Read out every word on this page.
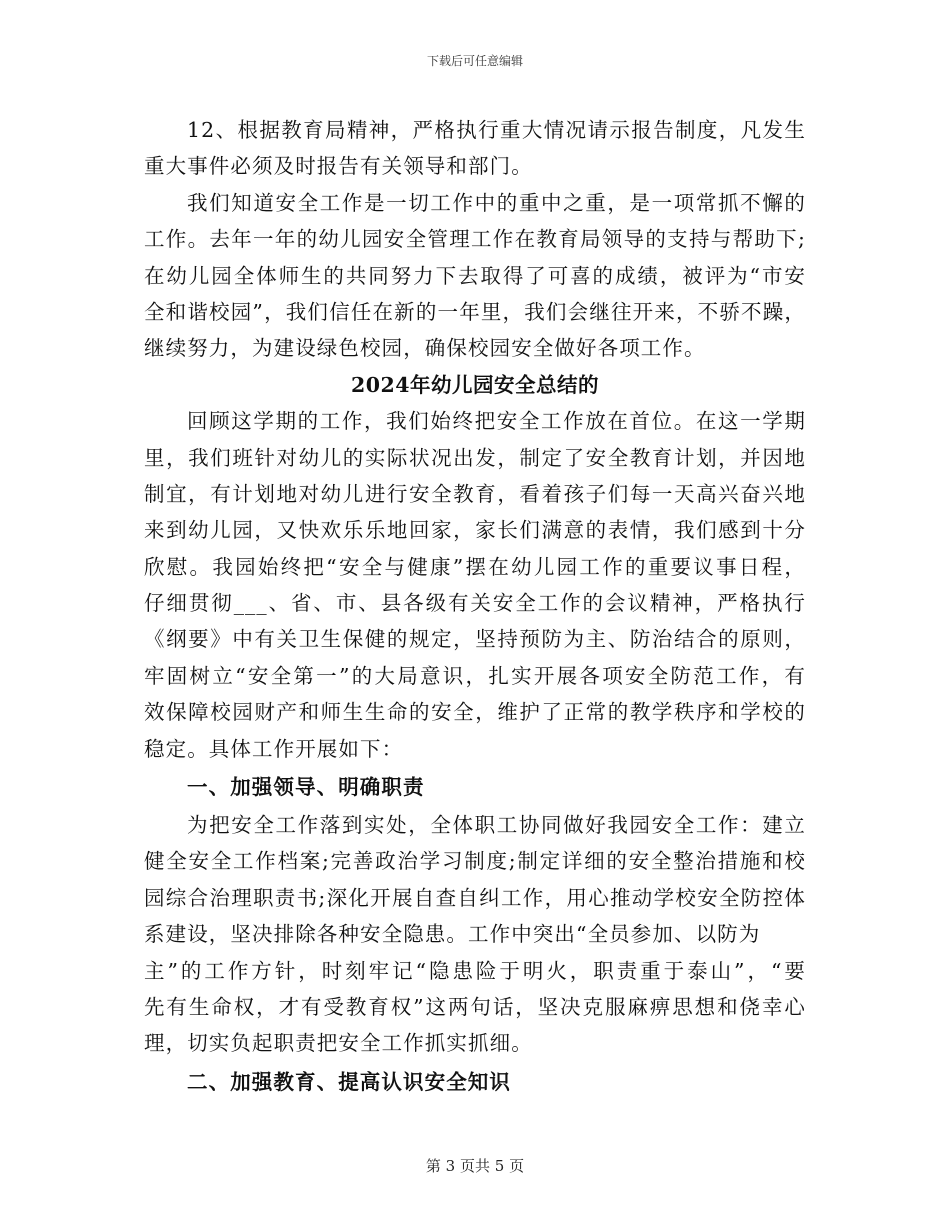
下载后可任意编辑
12、根据教育局精神，严格执行重大情况请示报告制度，凡发生
重大事件必须及时报告有关领导和部门。
我们知道安全工作是一切工作中的重中之重，是一项常抓不懈的
工作。去年一年的幼儿园安全管理工作在教育局领导的支持与帮助下;
在幼儿园全体师生的共同努力下去取得了可喜的成绩，被评为“市安
全和谐校园”，我们信任在新的一年里，我们会继往开来，不骄不躁，
继续努力，为建设绿色校园，确保校园安全做好各项工作。
2024年幼儿园安全总结的
回顾这学期的工作，我们始终把安全工作放在首位。在这一学期
里，我们班针对幼儿的实际状况出发，制定了安全教育计划，并因地
制宜，有计划地对幼儿进行安全教育，看着孩子们每一天高兴奋兴地
来到幼儿园，又快欢乐乐地回家，家长们满意的表情，我们感到十分
欣慰。我园始终把“安全与健康”摆在幼儿园工作的重要议事日程，
仔细贯彻___、省、市、县各级有关安全工作的会议精神，严格执行
《纲要》中有关卫生保健的规定，坚持预防为主、防治结合的原则，
牢固树立“安全第一”的大局意识，扎实开展各项安全防范工作，有
效保障校园财产和师生生命的安全，维护了正常的教学秩序和学校的
稳定。具体工作开展如下：
一、加强领导、明确职责
为把安全工作落到实处，全体职工协同做好我园安全工作：建立
健全安全工作档案;完善政治学习制度;制定详细的安全整治措施和校
园综合治理职责书;深化开展自查自纠工作，用心推动学校安全防控体
系建设，坚决排除各种安全隐患。工作中突出“全员参加、以防为
主”的工作方针，时刻牢记“隐患险于明火，职责重于泰山”，“要
先有生命权，才有受教育权”这两句话，坚决克服麻痹思想和侥幸心
理，切实负起职责把安全工作抓实抓细。
二、加强教育、提高认识安全知识
第 3 页共 5 页
